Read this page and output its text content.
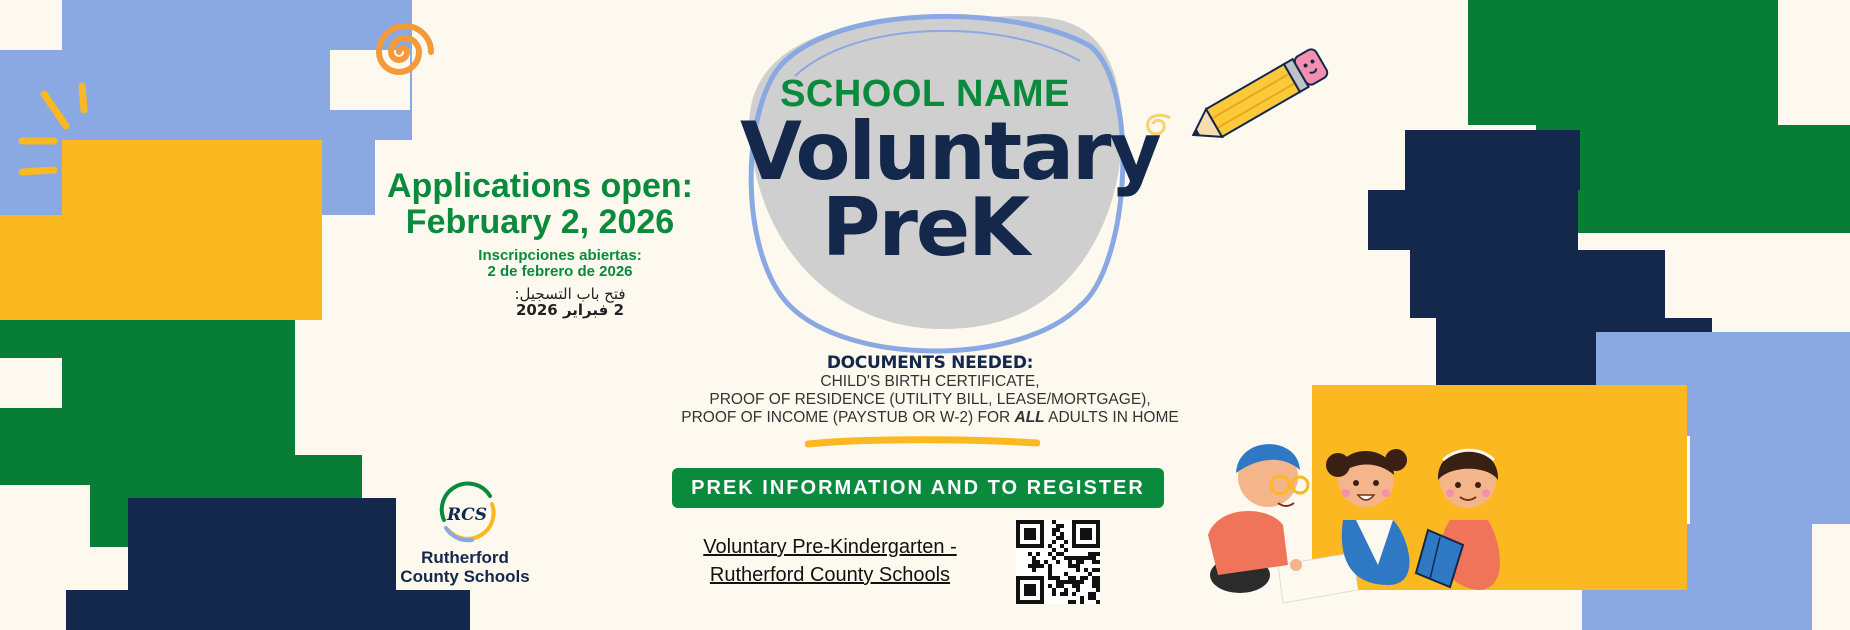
SCHOOL NAME
Voluntary
PreK
Applications open:
February 2, 2026
Inscripciones abiertas:
2 de febrero de 2026
فتح باب التسجيل:
2 فبراير 2026
DOCUMENTS NEEDED:
CHILD'S BIRTH CERTIFICATE,
PROOF OF RESIDENCE (UTILITY BILL, LEASE/MORTGAGE),
PROOF OF INCOME (PAYSTUB OR W-2) FOR ALL ADULTS IN HOME
PREK INFORMATION AND TO REGISTER
Voluntary Pre-Kindergarten -
Rutherford County Schools
RCS
Rutherford
County Schools
